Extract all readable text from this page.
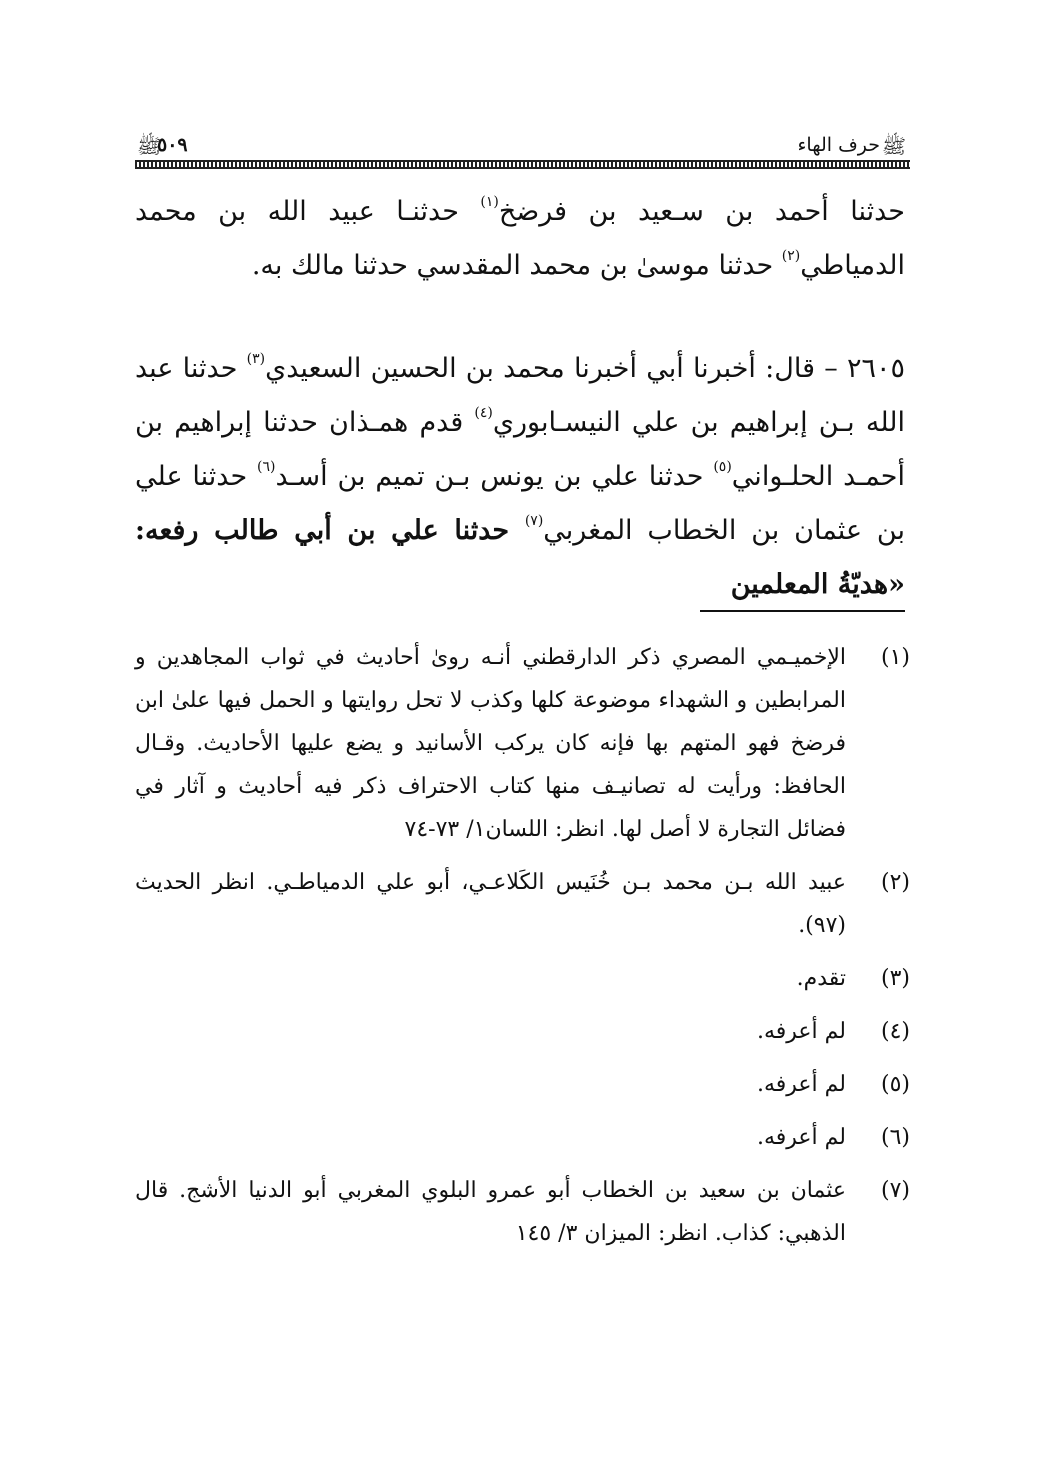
ﷺ
حرف الهاء
٥٠٩
ﷺ

حدثنا أحمد بن سـعيد بن فرضخ$^{(١)}$ حدثنـا عبيد الله بن محمد الدمياطي$^{(٢)}$ حدثنا موسىٰ بن محمد المقدسي حدثنا مالك به.

٢٦٠٥ – قال: أخبرنا أبي أخبرنا محمد بن الحسين السعيدي$^{(٣)}$ حدثنا عبد الله بـن إبراهيم بن علي النيسـابوري$^{(٤)}$ قدم همـذان حدثنا إبراهيم بن أحمـد الحلـواني$^{(٥)}$ حدثنا علي بن يونس بـن تميم بن أسـد$^{(٦)}$ حدثنا علي بن عثمان بن الخطاب المغربي$^{(٧)}$ حدثنا علي بن أبي طالب رفعه: «هديّةُ المعلمين

(١)
الإخميـمي المصري ذكر الدارقطني أنـه روىٰ أحاديث في ثواب المجاهدين و المرابطين و الشهداء موضوعة كلها وكذب لا تحل روايتها و الحمل فيها علىٰ ابن فرضخ فهو المتهم بها فإنه كان يركب الأسانيد و يضع عليها الأحاديث. وقـال الحافظ: ورأيت له تصانيـف منها كتاب الاحتراف ذكر فيه أحاديث و آثار في فضائل التجارة لا أصل لها. انظر: اللسان١/ ٧٣-٧٤
(٢)
عبيد الله بـن محمد بـن خُنَيس الكَلاعـي، أبو علي الدمياطـي. انظر الحديث (٩٧).
(٣)
تقدم.
(٤)
لم أعرفه.
(٥)
لم أعرفه.
(٦)
لم أعرفه.
(٧)
عثمان بن سعيد بن الخطاب أبو عمرو البلوي المغربي أبو الدنيا الأشج. قال الذهبي: كذاب. انظر: الميزان ٣/ ١٤٥
